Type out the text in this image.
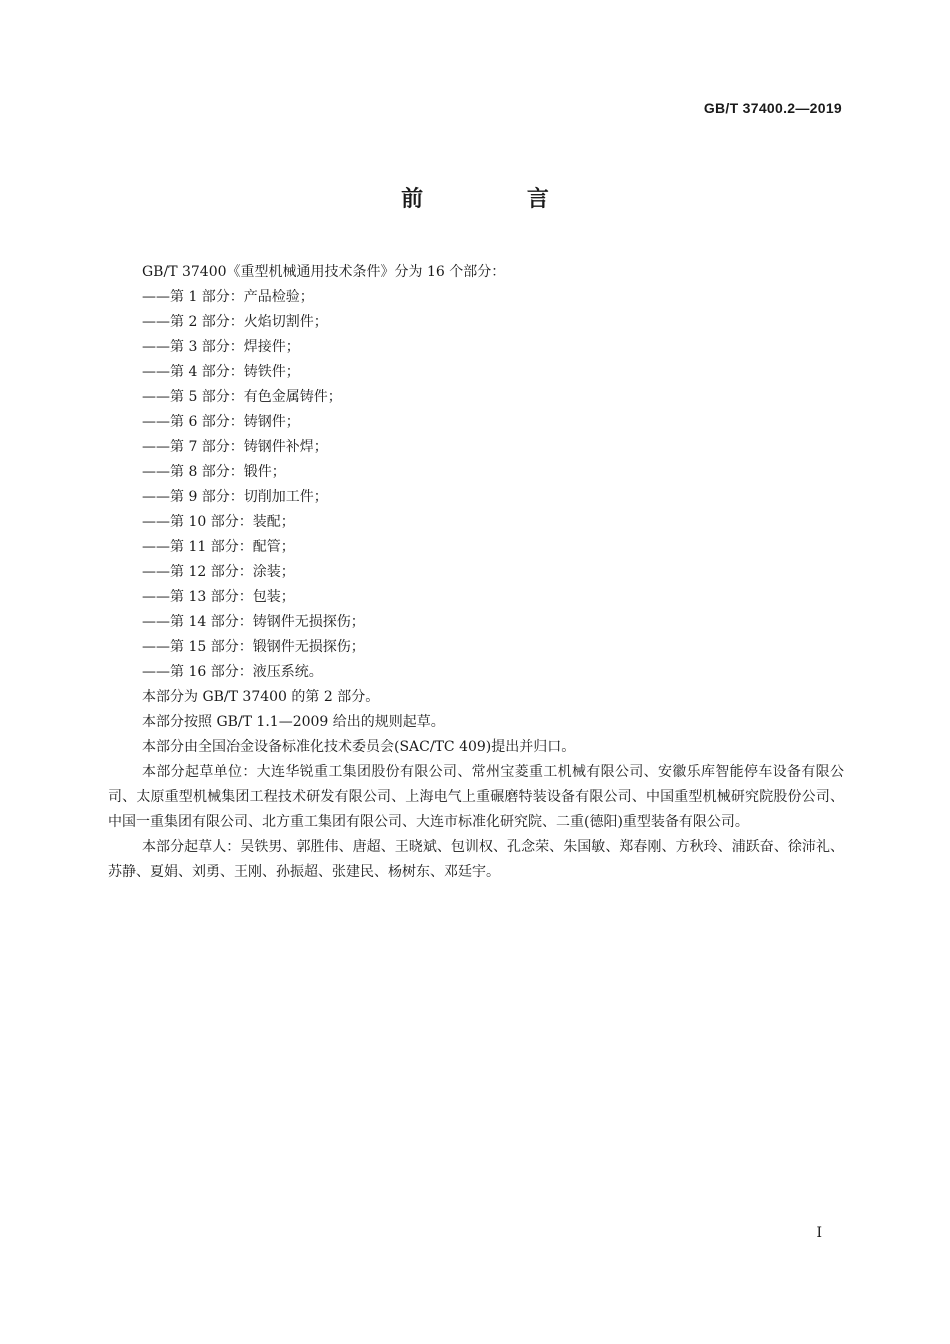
GB/T 37400.2—2019
前 言

GB/T 37400《重型机械通用技术条件》分为 16 个部分：

——第 1 部分：产品检验；

——第 2 部分：火焰切割件；

——第 3 部分：焊接件；

——第 4 部分：铸铁件；

——第 5 部分：有色金属铸件；

——第 6 部分：铸钢件；

——第 7 部分：铸钢件补焊；

——第 8 部分：锻件；

——第 9 部分：切削加工件；

——第 10 部分：装配；

——第 11 部分：配管；

——第 12 部分：涂装；

——第 13 部分：包装；

——第 14 部分：铸钢件无损探伤；

——第 15 部分：锻钢件无损探伤；

——第 16 部分：液压系统。

本部分为 GB/T 37400 的第 2 部分。

本部分按照 GB/T 1.1—2009 给出的规则起草。

本部分由全国冶金设备标准化技术委员会(SAC/TC 409)提出并归口。

本部分起草单位：大连华锐重工集团股份有限公司、常州宝菱重工机械有限公司、安徽乐库智能停车设备有限公司、太原重型机械集团工程技术研发有限公司、上海电气上重碾磨特装设备有限公司、中国重型机械研究院股份公司、中国一重集团有限公司、北方重工集团有限公司、大连市标准化研究院、二重(德阳)重型装备有限公司。

本部分起草人：吴铁男、郭胜伟、唐超、王晓斌、包训权、孔念荣、朱国敏、郑春刚、方秋玲、浦跃奋、徐沛礼、苏静、夏娟、刘勇、王刚、孙振超、张建民、杨树东、邓廷宇。

I
